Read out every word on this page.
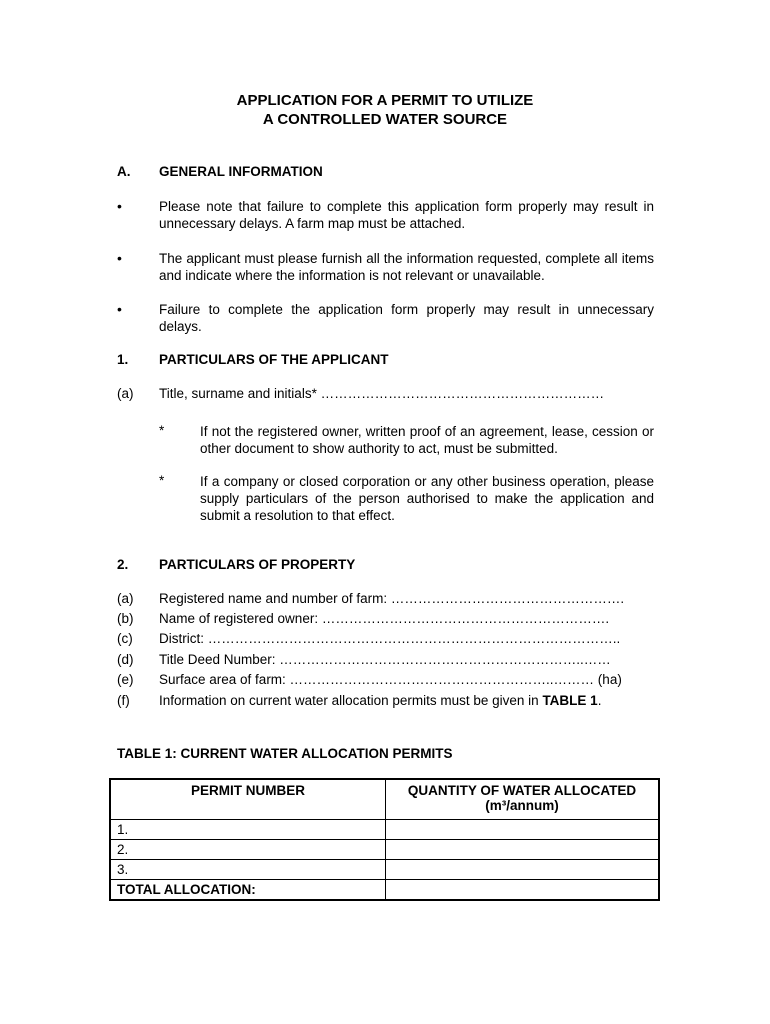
APPLICATION FOR A PERMIT TO UTILIZE
A CONTROLLED WATER SOURCE
A. GENERAL INFORMATION
•	Please note that failure to complete this application form properly may result in unnecessary delays. A farm map must be attached.
•	The applicant must please furnish all the information requested, complete all items and indicate where the information is not relevant or unavailable.
•	Failure to complete the application form properly may result in unnecessary delays.
1. PARTICULARS OF THE APPLICANT
(a) Title, surname and initials* ………………………………………………………
*	If not the registered owner, written proof of an agreement, lease, cession or other document to show authority to act, must be submitted.
*	If a company or closed corporation or any other business operation, please supply particulars of the person authorised to make the application and submit a resolution to that effect.
2. PARTICULARS OF PROPERTY
(a) Registered name and number of farm: …………………………………………….
(b) Name of registered owner: ……………………………………………………….
(c) District: ………………………………………………………………………………..
(d) Title Deed Number: …………………………………………………………..……
(e) Surface area of farm: …………………………………………………..……… (ha)
(f) Information on current water allocation permits must be given in TABLE 1.
TABLE 1: CURRENT WATER ALLOCATION PERMITS
PERMIT NUMBER	QUANTITY OF WATER ALLOCATED
(m³/annum)

1.	
2.	
3.	
TOTAL ALLOCATION:	
